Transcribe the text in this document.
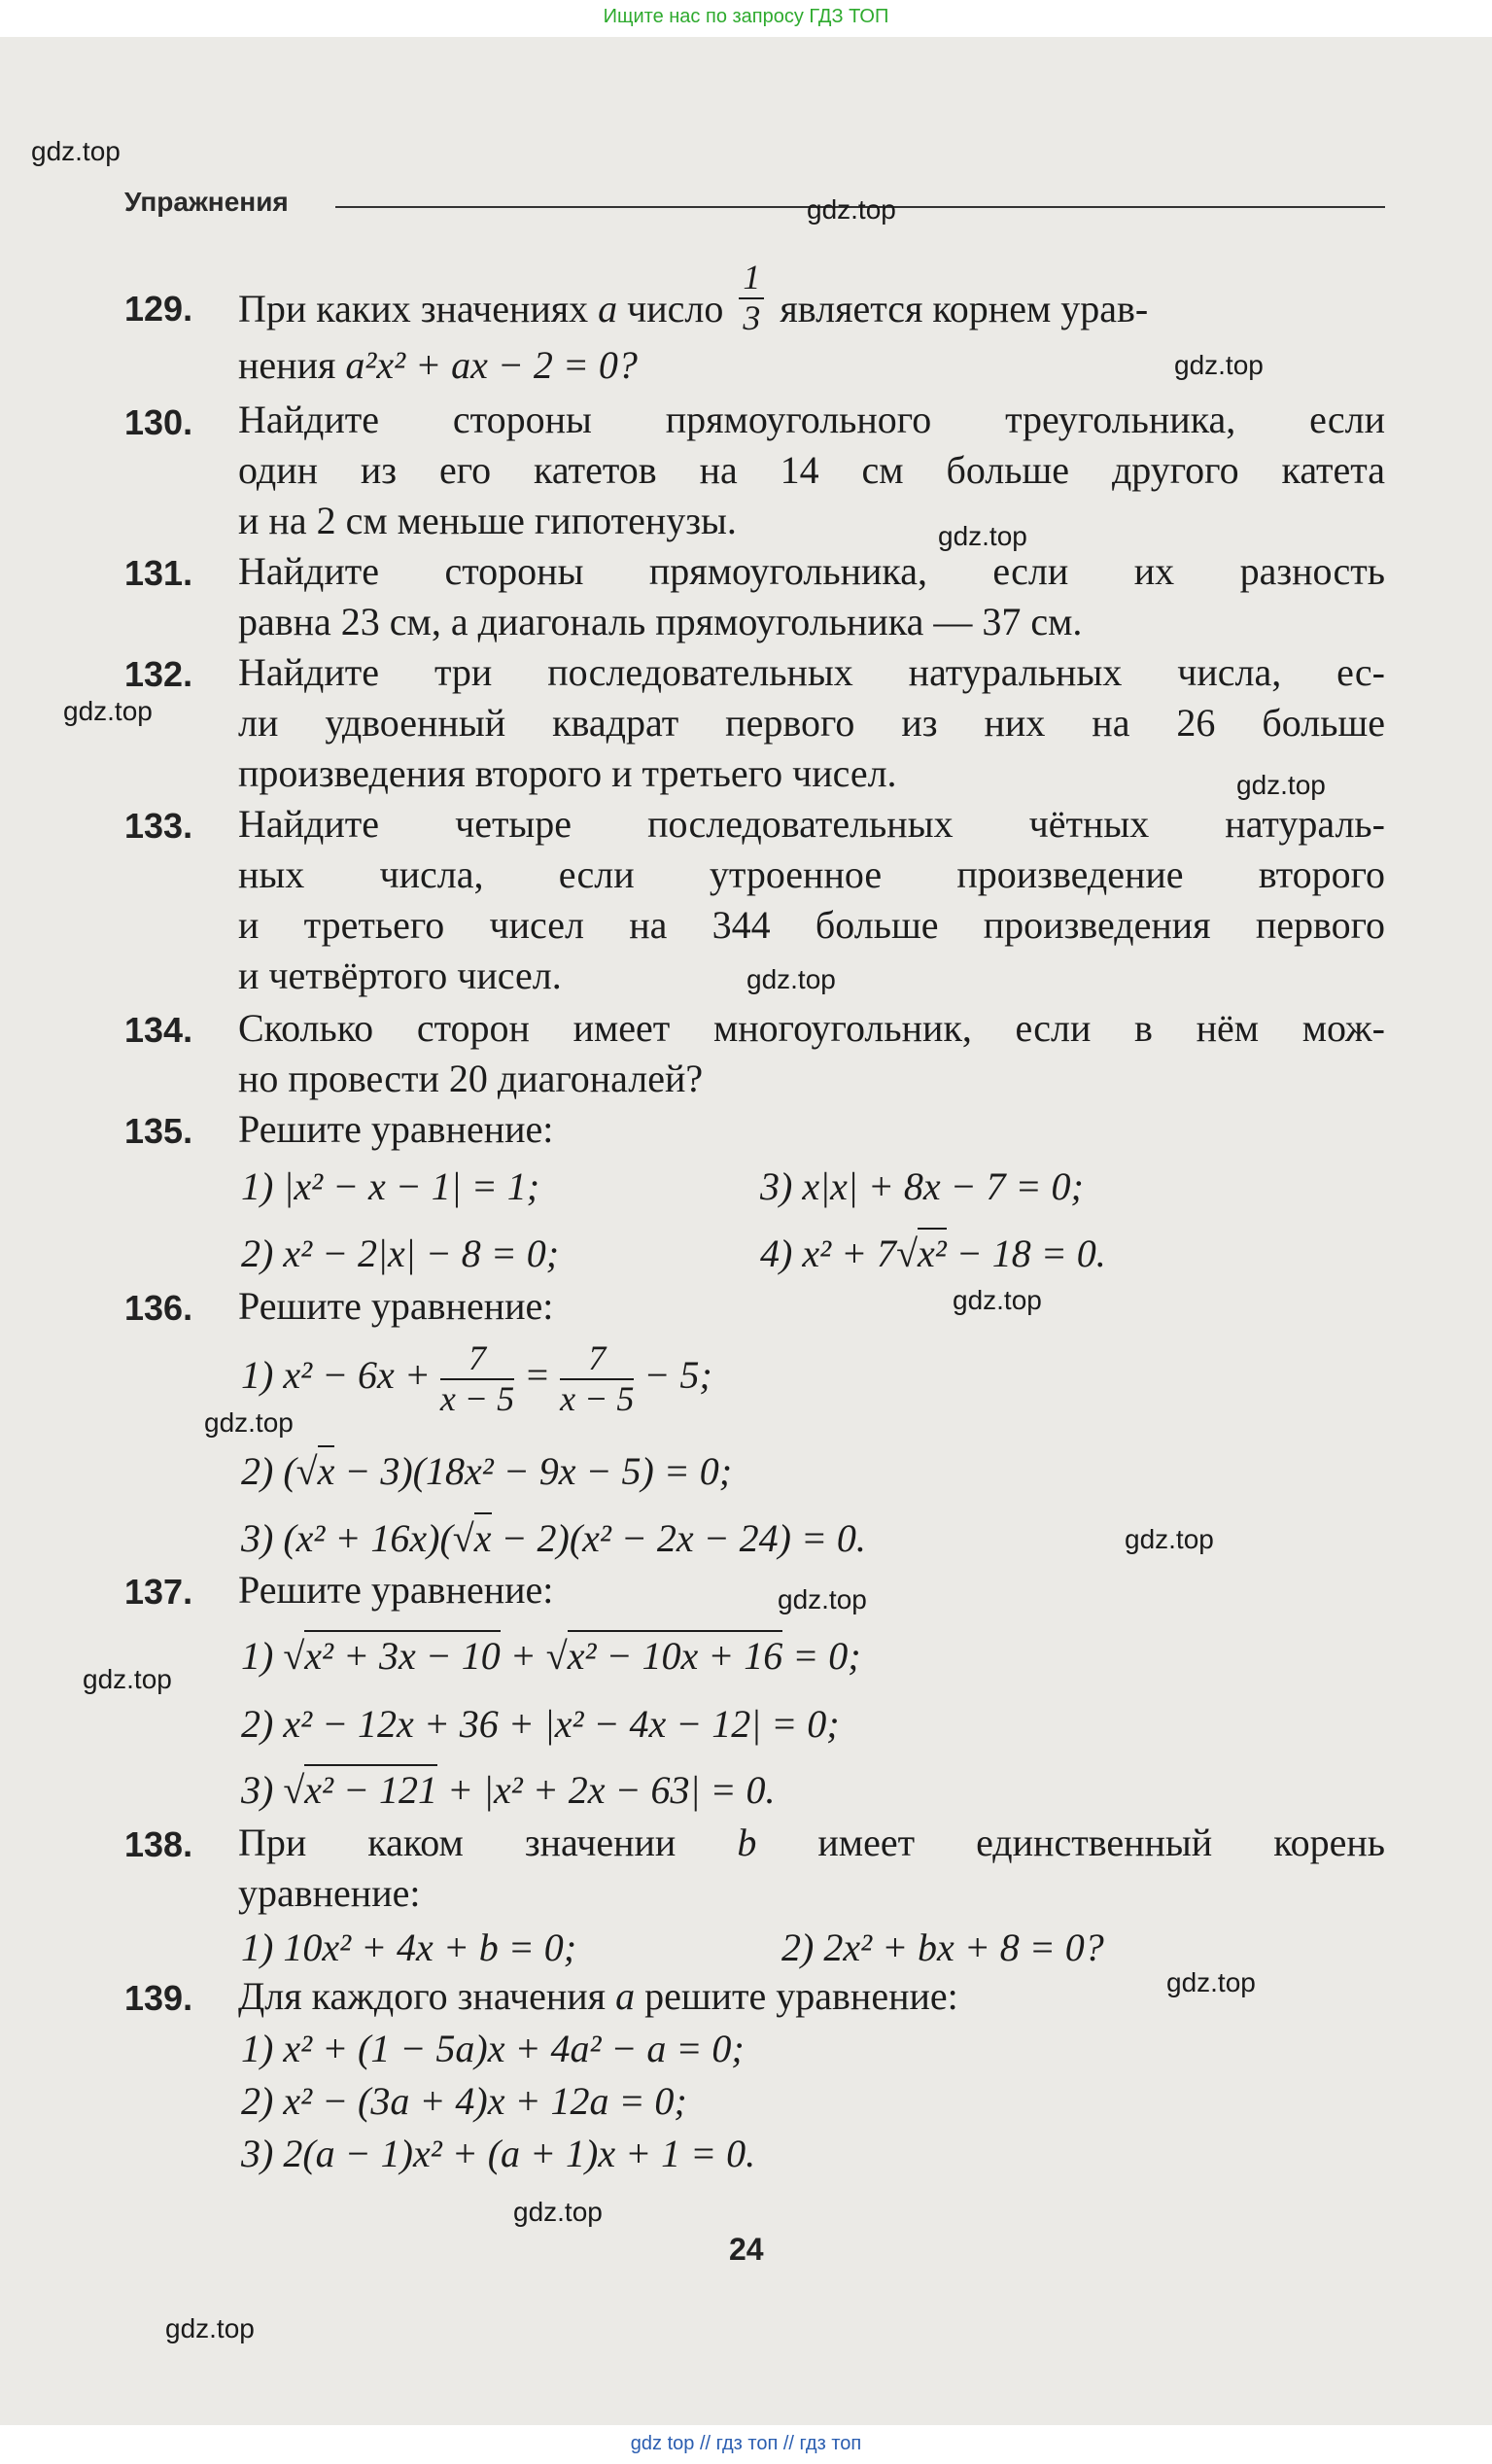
Ищите нас по запросу ГДЗ ТОП
Упражнения
129. При каких значениях a число $\frac{1}{3}$ является корнем урав-
нения a²x² + ax − 2 = 0?
130. Найдите стороны прямоугольного треугольника, если
один из его катетов на 14 см больше другого катета
и на 2 см меньше гипотенузы.
131. Найдите стороны прямоугольника, если их разность
равна 23 см, а диагональ прямоугольника — 37 см.
132. Найдите три последовательных натуральных числа, ес-
ли удвоенный квадрат первого из них на 26 больше
произведения второго и третьего чисел.
133. Найдите четыре последовательных чётных натураль-
ных числа, если утроенное произведение второго
и третьего чисел на 344 больше произведения первого
и четвёртого чисел.
134. Сколько сторон имеет многоугольник, если в нём мож-
но провести 20 диагоналей?
135. Решите уравнение:
1) |x² − x − 1| = 1;	3) x|x| + 8x − 7 = 0;
2) x² − 2|x| − 8 = 0;	4) x² + 7√x² − 18 = 0.
136. Решите уравнение:
1) $x^2 - 6x + \frac{7}{x - 5} = \frac{7}{x - 5} - 5$;
2) (√x − 3)(18x² − 9x − 5) = 0;
3) (x² + 16x)(√x − 2)(x² − 2x − 24) = 0.
137. Решите уравнение:
1) √x² + 3x − 10 + √x² − 10x + 16 = 0;
2) x² − 12x + 36 + |x² − 4x − 12| = 0;
3) √x² − 121 + |x² + 2x − 63| = 0.
138. При каком значении b имеет единственный корень
уравнение:
1) 10x² + 4x + b = 0;	2) 2x² + bx + 8 = 0?
139. Для каждого значения a решите уравнение:
1) x² + (1 − 5a)x + 4a² − a = 0;
2) x² − (3a + 4)x + 12a = 0;
3) 2(a − 1)x² + (a + 1)x + 1 = 0.
24
gdz.top
gdz.top
gdz.top
gdz.top
gdz.top
gdz.top
gdz.top
gdz.top
gdz.top
gdz.top
gdz.top
gdz.top
gdz.top
gdz.top
gdz.top
gdz top // гдз топ // гдз топ
